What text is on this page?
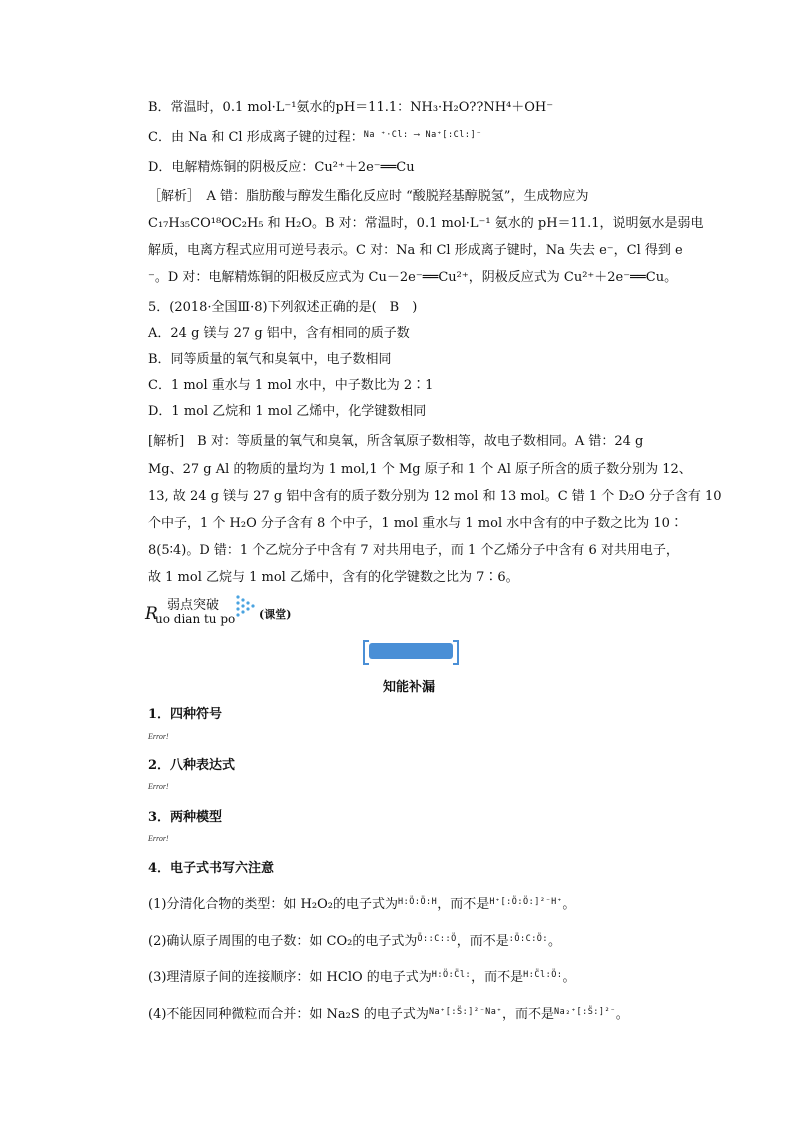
B．常温时，0.1 mol·L⁻¹氨水的pH＝11.1：NH₃·H₂O??NH⁴＋OH⁻
C．由 Na 和 Cl 形成离子键的过程：$^{Na ^+\cdot Cl: ⟶ Na^+[:Cl:]^-}$
D．电解精炼铜的阴极反应：Cu²⁺＋2e⁻══Cu
［解析］　A 错：脂肪酸与醇发生酯化反应时 “酸脱羟基醇脱氢”，生成物应为
C₁₇H₃₅CO¹⁸OC₂H₅ 和 H₂O。B 对：常温时，0.1 mol·L⁻¹ 氨水的 pH＝11.1，说明氨水是弱电
解质，电离方程式应用可逆号表示。C 对：Na 和 Cl 形成离子键时，Na 失去 e⁻，Cl 得到 e
⁻。D 对：电解精炼铜的阳极反应式为 Cu－2e⁻══Cu²⁺，阴极反应式为 Cu²⁺＋2e⁻══Cu。
5．(2018·全国Ⅲ·8)下列叙述正确的是(　B　)
A．24 g 镁与 27 g 铝中，含有相同的质子数
B．同等质量的氧气和臭氧中，电子数相同
C．1 mol 重水与 1 mol 水中，中子数比为 2∶1
D．1 mol 乙烷和 1 mol 乙烯中，化学键数相同
[解析]　B 对：等质量的氧气和臭氧，所含氧原子数相等，故电子数相同。A 错：24 g
Mg、27 g Al 的物质的量均为 1 mol,1 个 Mg 原子和 1 个 Al 原子所含的质子数分别为 12、
13, 故 24 g 镁与 27 g 铝中含有的质子数分别为 12 mol 和 13 mol。C 错 1 个 D₂O 分子含有 10
个中子，1 个 H₂O 分子含有 8 个中子，1 mol 重水与 1 mol 水中含有的中子数之比为 10∶
8(5∶4)。D 错：1 个乙烷分子中含有 7 对共用电子，而 1 个乙烯分子中含有 6 对共用电子，
故 1 mol 乙烷与 1 mol 乙烯中，含有的化学键数之比为 7∶6。
R 弱点突破
uo dian tu po (课堂)
知能补漏
1．四种符号
Error!
2．八种表达式
Error!
3．两种模型
Error!
4．电子式书写六注意
(1)分清化合物的类型：如 H₂O₂的电子式为$^{H:Ö:Ö:H}$，而不是$^{H^+[:Ö:Ö:]^{2-}H^+}$。
(2)确认原子周围的电子数：如 CO₂的电子式为$^{Ö::C::Ö}$，而不是$^{:Ö:C:Ö:}$。
(3)理清原子间的连接顺序：如 HClO 的电子式为$^{H:Ö:C̈l:}$，而不是$^{H:C̈l:Ö:}$。
(4)不能因同种微粒而合并：如 Na₂S 的电子式为$^{Na^+[:S̈:]^{2-}Na^+}$，而不是$^{Na_2^+[:S̈:]^{2-}}$。
